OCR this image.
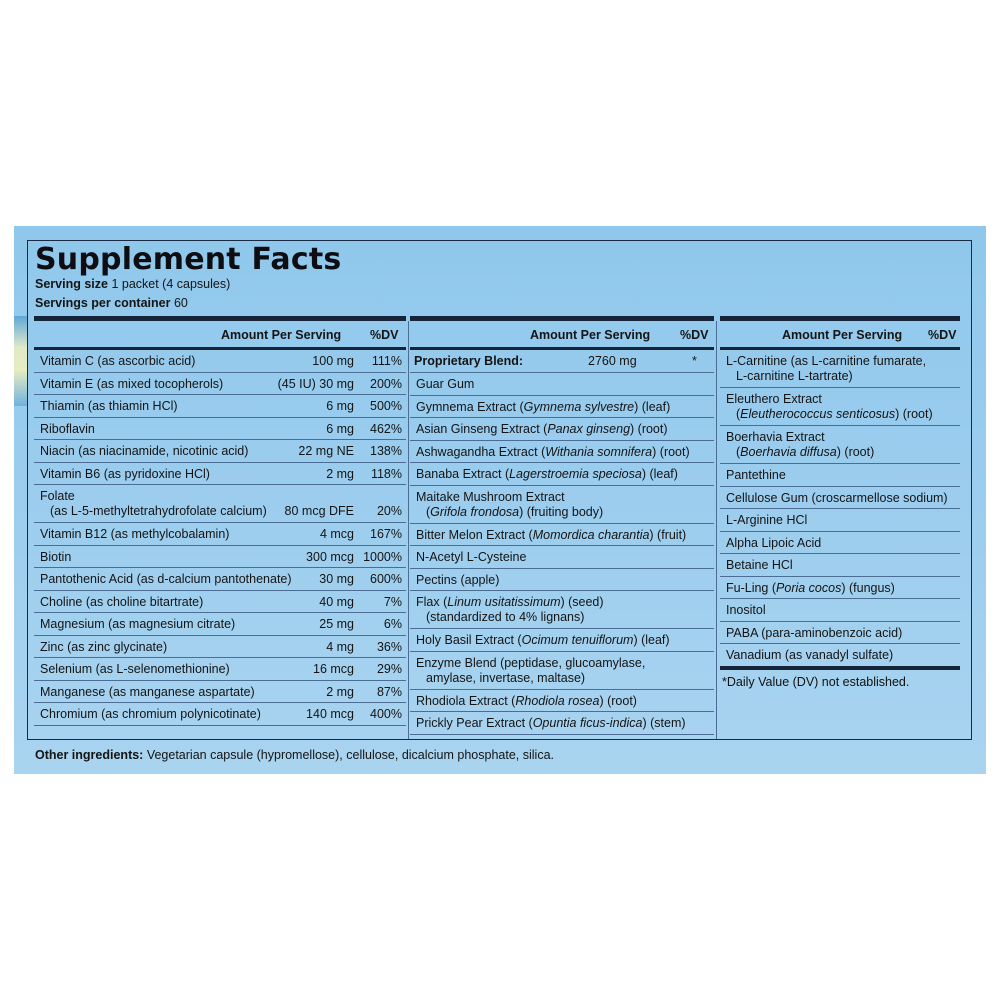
Supplement Facts
Serving size 1 packet (4 capsules)
Servings per container 60
Amount Per Serving %DV
Vitamin C (as ascorbic acid)	100 mg 111%
Vitamin E (as mixed tocopherols)	(45 IU) 30 mg 200%
Thiamin (as thiamin HCl)	6 mg 500%
Riboflavin	6 mg 462%
Niacin (as niacinamide, nicotinic acid)	22 mg NE 138%
Vitamin B6 (as pyridoxine HCl)	2 mg 118%
Folate
(as L-5-methyltetrahydrofolate calcium) 80 mcg DFE 20%
Vitamin B12 (as methylcobalamin)	4 mcg 167%
Biotin	300 mcg 1000%
Pantothenic Acid (as d-calcium pantothenate) 30 mg 600%
Choline (as choline bitartrate)	40 mg 7%
Magnesium (as magnesium citrate)	25 mg 6%
Zinc (as zinc glycinate)	4 mg 36%
Selenium (as L-selenomethionine)	16 mcg 29%
Manganese (as manganese aspartate)	2 mg 87%
Chromium (as chromium polynicotinate)	140 mcg 400%
Amount Per Serving %DV
Proprietary Blend:	2760 mg	*
Guar Gum
Gymnema Extract (Gymnema sylvestre) (leaf)
Asian Ginseng Extract (Panax ginseng) (root)
Ashwagandha Extract (Withania somnifera) (root)
Banaba Extract (Lagerstroemia speciosa) (leaf)
Maitake Mushroom Extract
(Grifola frondosa) (fruiting body)
Bitter Melon Extract (Momordica charantia) (fruit)
N-Acetyl L-Cysteine
Pectins (apple)
Flax (Linum usitatissimum) (seed)
(standardized to 4% lignans)
Holy Basil Extract (Ocimum tenuiflorum) (leaf)
Enzyme Blend (peptidase, glucoamylase,
amylase, invertase, maltase)
Rhodiola Extract (Rhodiola rosea) (root)
Prickly Pear Extract (Opuntia ficus-indica) (stem)
Amount Per Serving %DV
L-Carnitine (as L-carnitine fumarate,
L-carnitine L-tartrate)
Eleuthero Extract
(Eleutherococcus senticosus) (root)
Boerhavia Extract
(Boerhavia diffusa) (root)
Pantethine
Cellulose Gum (croscarmellose sodium)
L-Arginine HCl
Alpha Lipoic Acid
Betaine HCl
Fu-Ling (Poria cocos) (fungus)
Inositol
PABA (para-aminobenzoic acid)
Vanadium (as vanadyl sulfate)
*Daily Value (DV) not established.
Other ingredients: Vegetarian capsule (hypromellose), cellulose, dicalcium phosphate, silica.
